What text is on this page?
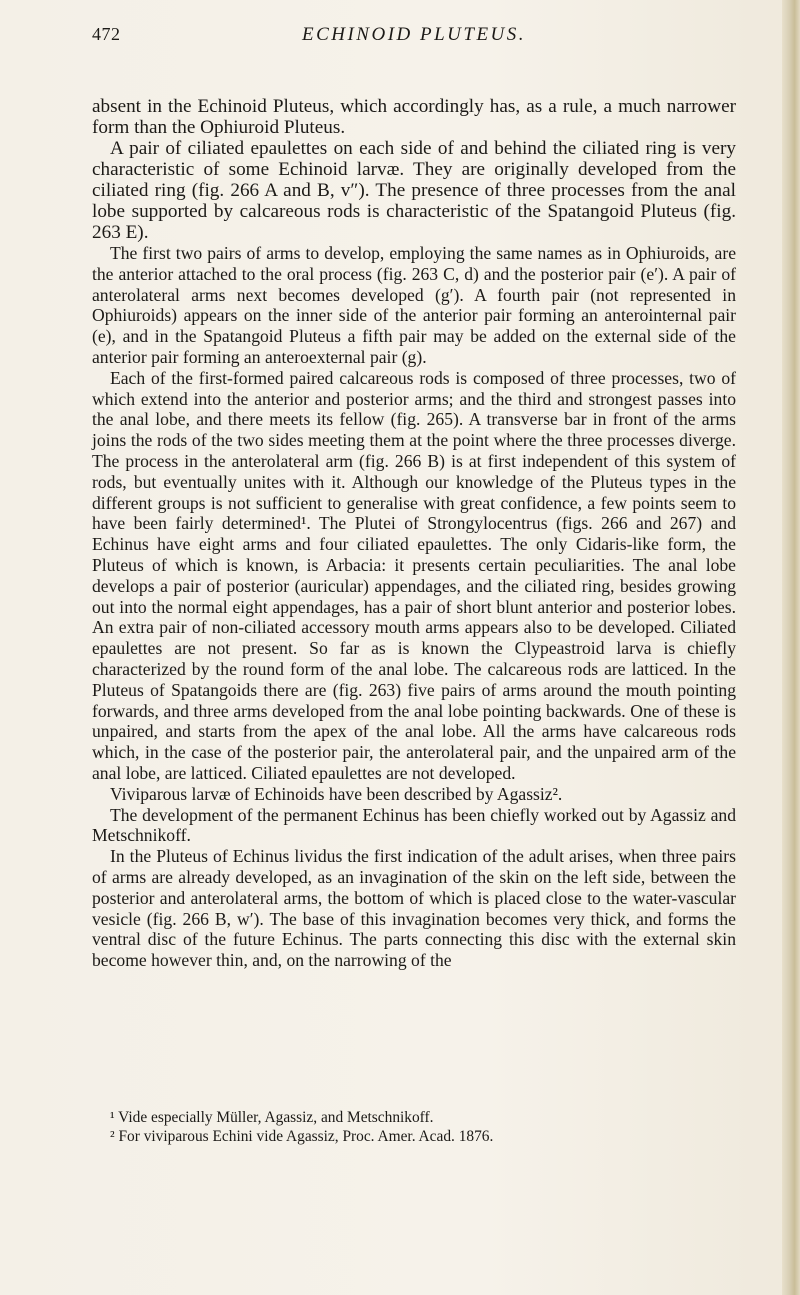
472	ECHINOID PLUTEUS.

absent in the Echinoid Pluteus, which accordingly has, as a rule, a much narrower form than the Ophiuroid Pluteus.

A pair of ciliated epaulettes on each side of and behind the ciliated ring is very characteristic of some Echinoid larvæ. They are originally developed from the ciliated ring (fig. 266 A and B, v″). The presence of three processes from the anal lobe supported by calcareous rods is characteristic of the Spatangoid Pluteus (fig. 263 E).

The first two pairs of arms to develop, employing the same names as in Ophiuroids, are the anterior attached to the oral process (fig. 263 C, d) and the posterior pair (e′). A pair of anterolateral arms next becomes developed (g′). A fourth pair (not represented in Ophiuroids) appears on the inner side of the anterior pair forming an anterointernal pair (e), and in the Spatangoid Pluteus a fifth pair may be added on the external side of the anterior pair forming an anteroexternal pair (g).

Each of the first-formed paired calcareous rods is composed of three processes, two of which extend into the anterior and posterior arms; and the third and strongest passes into the anal lobe, and there meets its fellow (fig. 265). A transverse bar in front of the arms joins the rods of the two sides meeting them at the point where the three processes diverge. The process in the anterolateral arm (fig. 266 B) is at first independent of this system of rods, but eventually unites with it. Although our knowledge of the Pluteus types in the different groups is not sufficient to generalise with great confidence, a few points seem to have been fairly determined¹. The Plutei of Strongylocentrus (figs. 266 and 267) and Echinus have eight arms and four ciliated epaulettes. The only Cidaris-like form, the Pluteus of which is known, is Arbacia: it presents certain peculiarities. The anal lobe develops a pair of posterior (auricular) appendages, and the ciliated ring, besides growing out into the normal eight appendages, has a pair of short blunt anterior and posterior lobes. An extra pair of non-ciliated accessory mouth arms appears also to be developed. Ciliated epaulettes are not present. So far as is known the Clypeastroid larva is chiefly characterized by the round form of the anal lobe. The calcareous rods are latticed. In the Pluteus of Spatangoids there are (fig. 263) five pairs of arms around the mouth pointing forwards, and three arms developed from the anal lobe pointing backwards. One of these is unpaired, and starts from the apex of the anal lobe. All the arms have calcareous rods which, in the case of the posterior pair, the anterolateral pair, and the unpaired arm of the anal lobe, are latticed. Ciliated epaulettes are not developed.

Viviparous larvæ of Echinoids have been described by Agassiz².

The development of the permanent Echinus has been chiefly worked out by Agassiz and Metschnikoff.

In the Pluteus of Echinus lividus the first indication of the adult arises, when three pairs of arms are already developed, as an invagination of the skin on the left side, between the posterior and anterolateral arms, the bottom of which is placed close to the water-vascular vesicle (fig. 266 B, w′). The base of this invagination becomes very thick, and forms the ventral disc of the future Echinus. The parts connecting this disc with the external skin become however thin, and, on the narrowing of the

¹ Vide especially Müller, Agassiz, and Metschnikoff.

² For viviparous Echini vide Agassiz, Proc. Amer. Acad. 1876.
